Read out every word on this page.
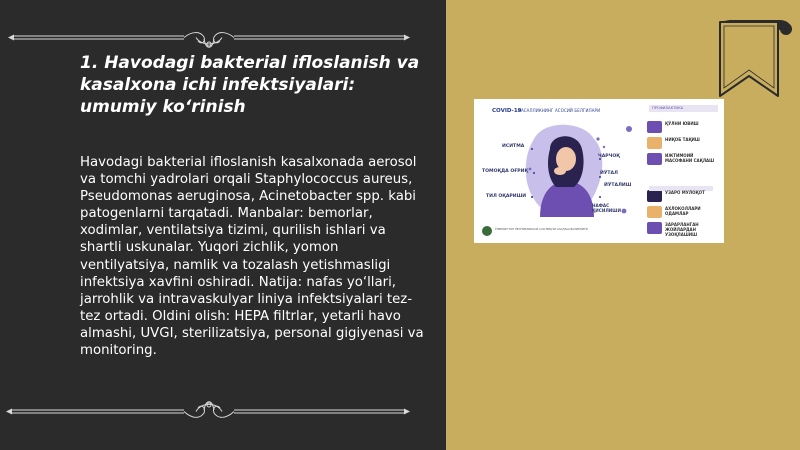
1. Havodagi bakterial ifloslanish va kasalxona ichi infektsiyalari: umumiy ko‘rinish

Havodagi bakterial ifloslanish kasalxonada aerosol va tomchi yadrolari orqali Staphylococcus aureus, Pseudomonas aeruginosa, Acinetobacter spp. kabi patogenlarni tarqatadi. Manbalar: bemorlar, xodimlar, ventilatsiya tizimi, qurilish ishlari va shartli uskunalar. Yuqori zichlik, yomon ventilyatsiya, namlik va tozalash yetishmasligi infektsiya xavfini oshiradi. Natija: nafas yo‘llari, jarrohlik va intravaskulyar liniya infektsiyalari tez-tez ortadi. Oldini olish: HEPA filtrlar, yetarli havo almashi, UVGI, sterilizatsiya, personal gigiyenasi va monitoring.

COVID-19
КАСАЛЛИКНИНГ АСОСИЙ БЕЛГИЛАРИ
ИСИТМА
ТОМОҚДА ОҒРИҚ
ТИЛ ОҚАРИШИ
ЧАРЧОҚ
ЙЎТАЛ
ЙЎТАЛИШ
НАФАС ҚИСИЛИШИ
ПРОФИЛАКТИКА
ҚЎЛНИ ЮВИШ
НИҚОБ ТАҚИШ
ИЖТИМОИЙ МАСОФАНИ САҚЛАШ
УЗАРО МУЛОҚОТ
АХЛОКОЛЛАРИ ОДАМЛАР
ЗАРАРЛАНГАН ЖОЙЛАРДАН УЗОҚЛАШИШ
ЎЗБЕКИСТОН РЕСПУБЛИКАСИ СОҒЛИҚНИ САҚЛАШ ВАЗИРЛИГИ
